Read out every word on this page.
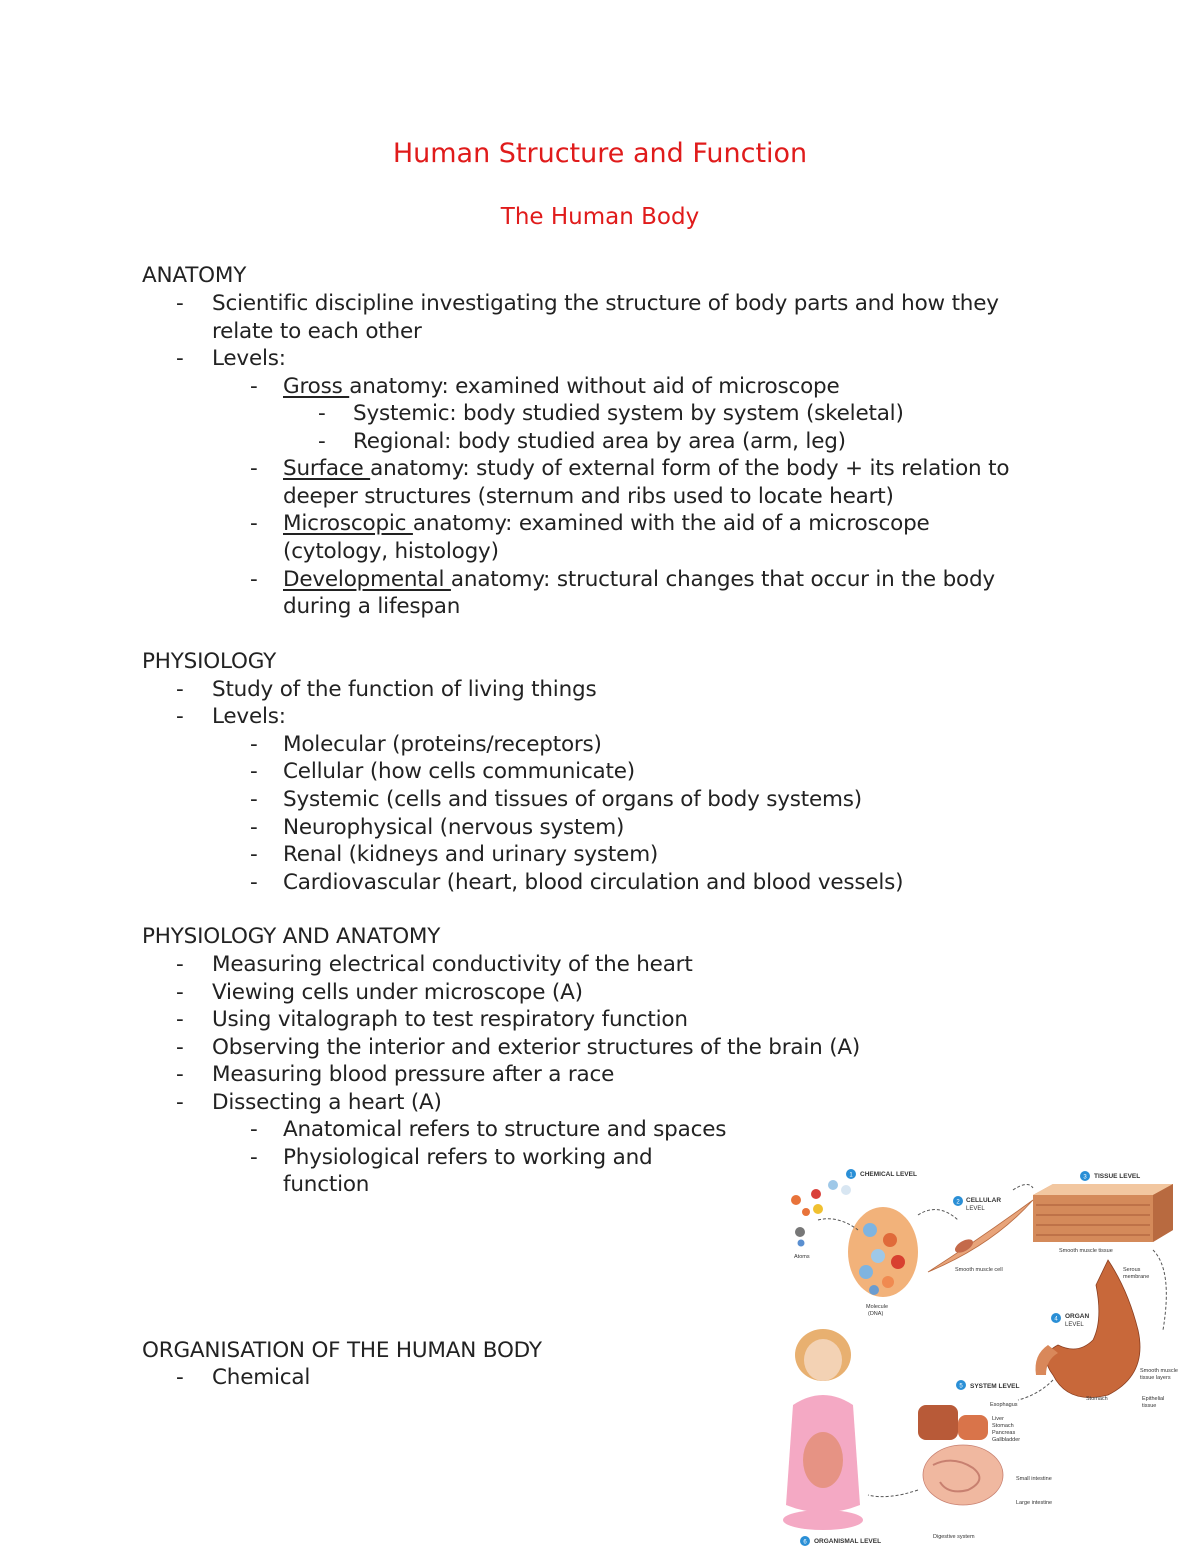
Human Structure and Function
The Human Body
ANATOMY
- Scientific discipline investigating the structure of body parts and how they
relate to each other
- Levels:
- Gross anatomy: examined without aid of microscope
- Systemic: body studied system by system (skeletal)
- Regional: body studied area by area (arm, leg)
- Surface anatomy: study of external form of the body + its relation to
deeper structures (sternum and ribs used to locate heart)
- Microscopic anatomy: examined with the aid of a microscope
(cytology, histology)
- Developmental anatomy: structural changes that occur in the body
during a lifespan
PHYSIOLOGY
- Study of the function of living things
- Levels:
- Molecular (proteins/receptors)
- Cellular (how cells communicate)
- Systemic (cells and tissues of organs of body systems)
- Neurophysical (nervous system)
- Renal (kidneys and urinary system)
- Cardiovascular (heart, blood circulation and blood vessels)
PHYSIOLOGY AND ANATOMY
- Measuring electrical conductivity of the heart
- Viewing cells under microscope (A)
- Using vitalograph to test respiratory function
- Observing the interior and exterior structures of the brain (A)
- Measuring blood pressure after a race
- Dissecting a heart (A)
- Anatomical refers to structure and spaces
- Physiological refers to working and
function
ORGANISATION OF THE HUMAN BODY
- Chemical
1 CHEMICAL LEVEL	3 TISSUE LEVEL
2 CELLULAR
LEVEL
4 ORGAN
LEVEL
5 SYSTEM LEVEL
6 ORGANISMAL LEVEL
Atoms
Molecule
(DNA)
Smooth muscle cell
Smooth muscle tissue
Serous
membrane
Stomach	Epithelial
tissue
Smooth muscle
tissue layers
Esophagus
Liver
Stomach
Pancreas
Gallbladder
Small intestine
Large intestine
Digestive system
